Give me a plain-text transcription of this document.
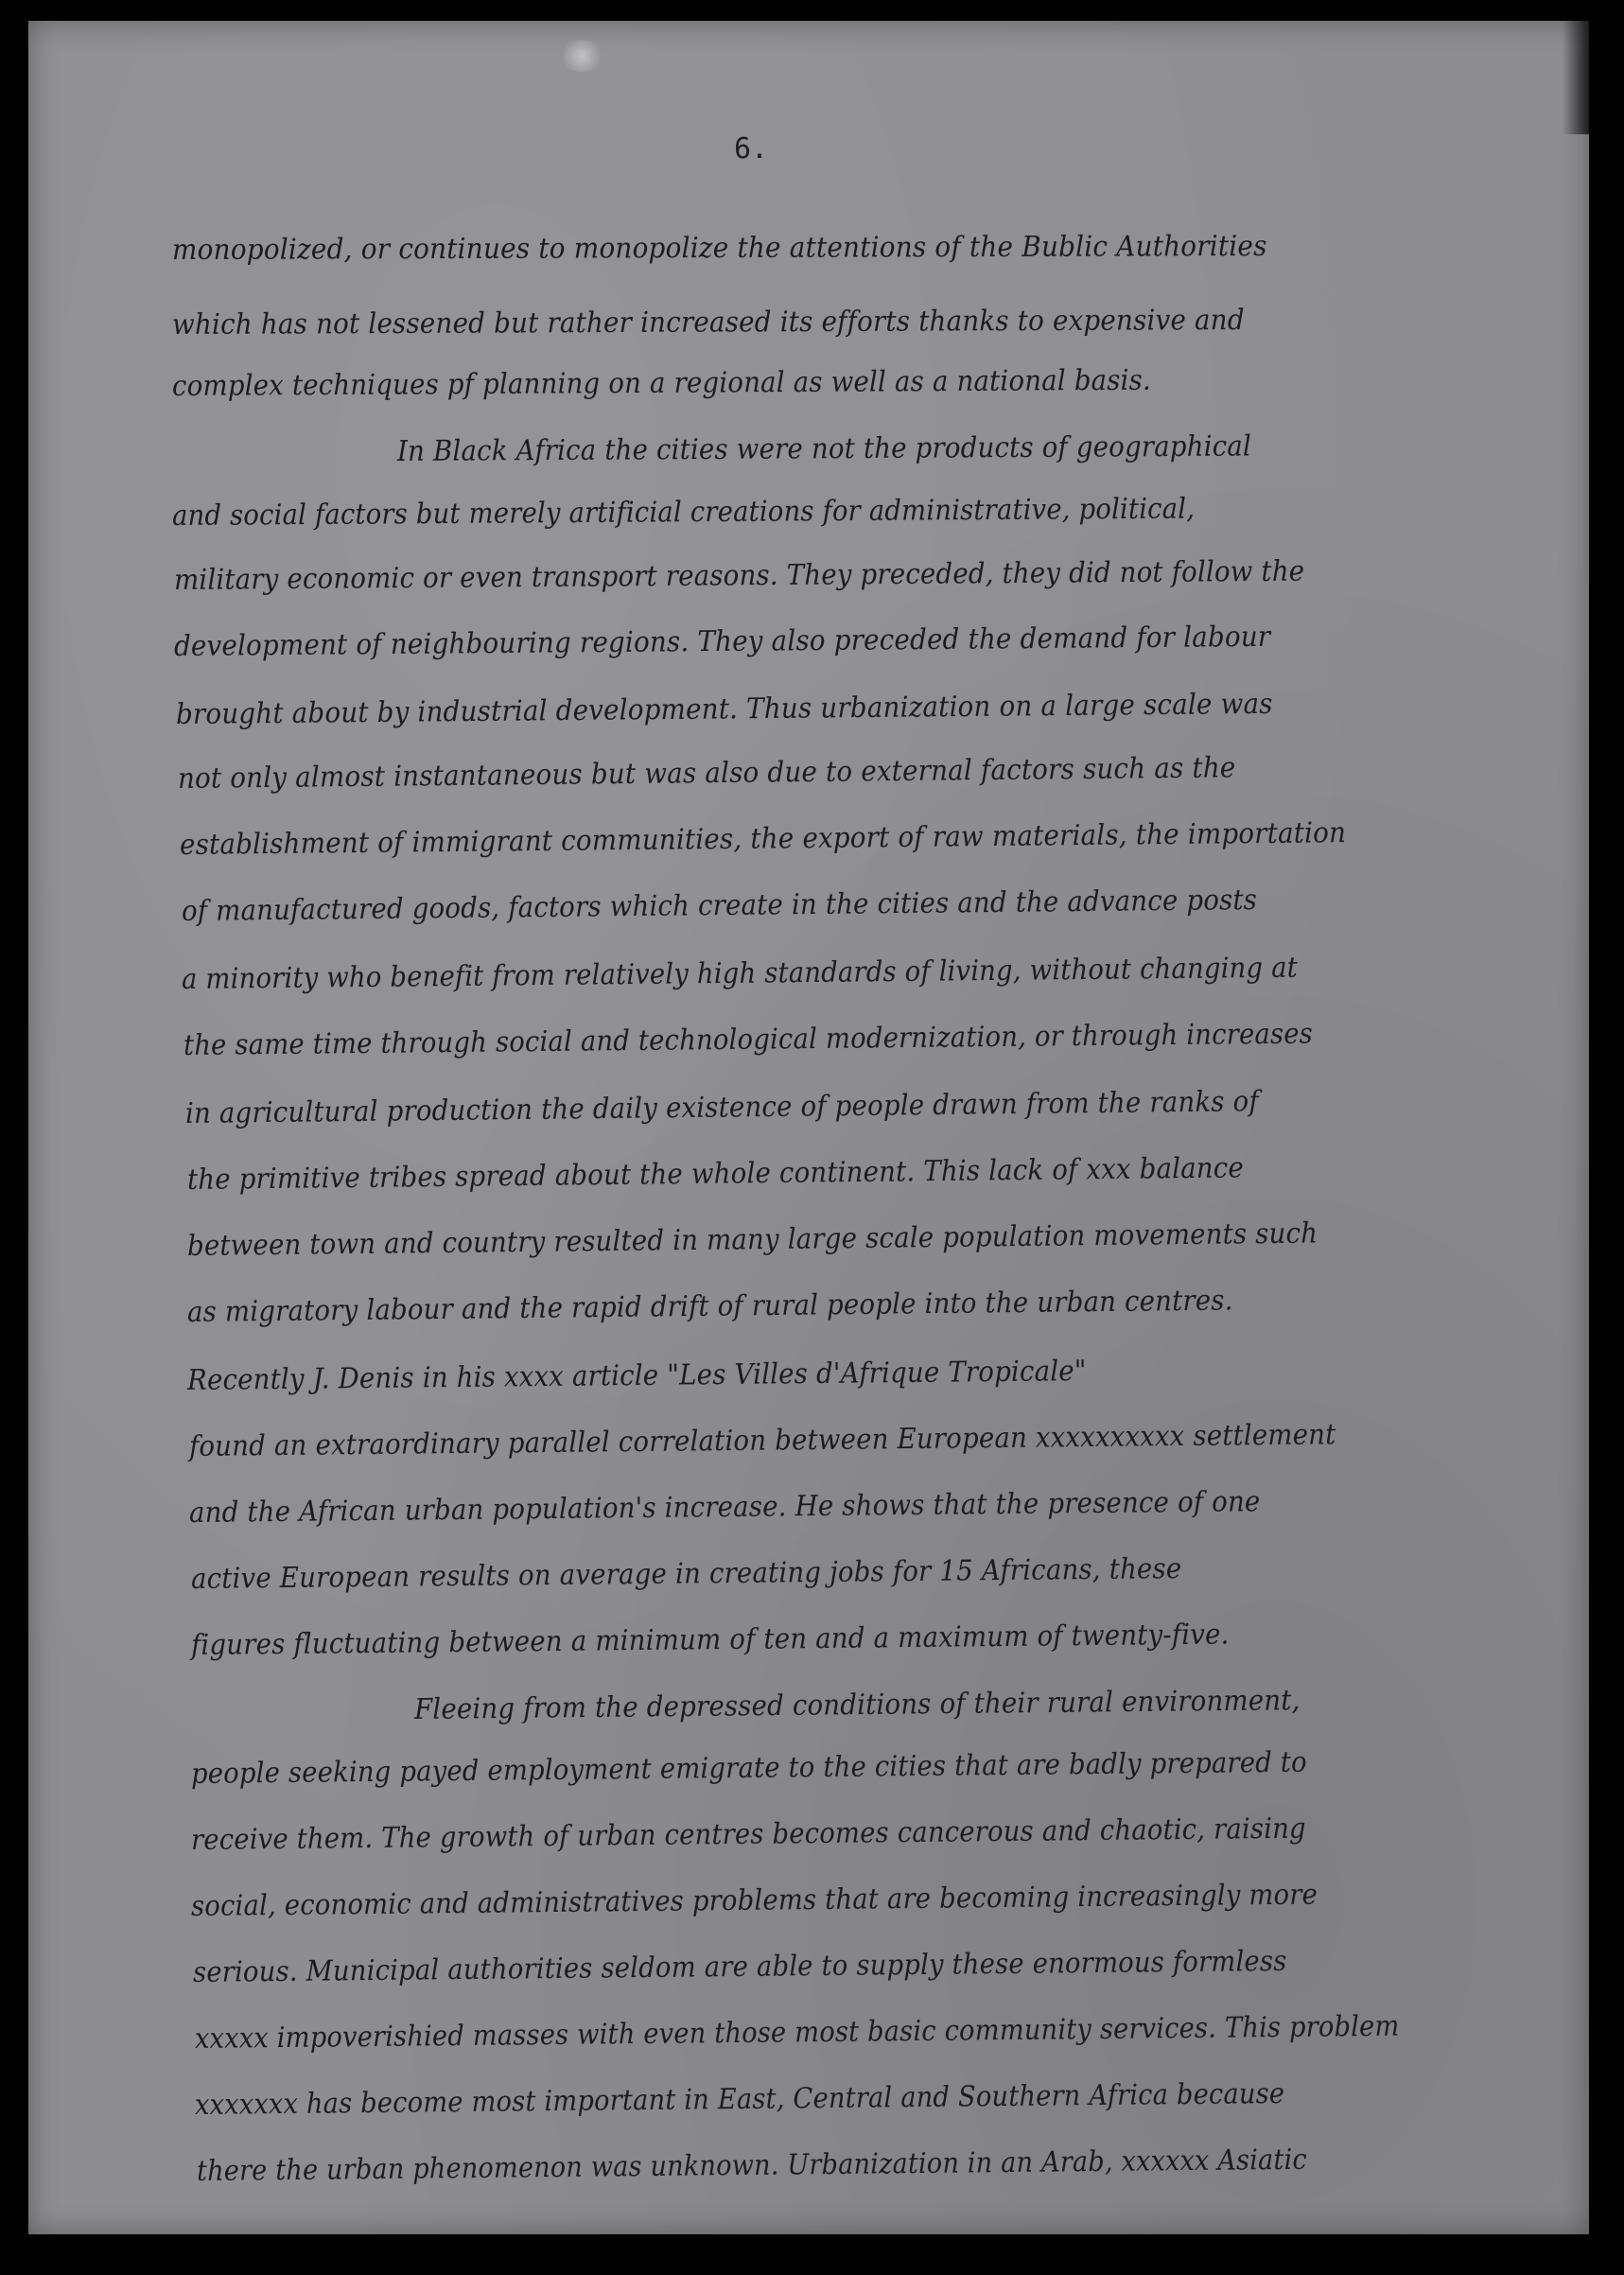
6.
monopolized, or continues to monopolize the attentions of the Bublic Authorities
which has not lessened but rather increased its efforts thanks to expensive and
complex techniques pf planning on a regional as well as a national basis.
In Black Africa the cities were not the products of geographical
and social factors but merely artificial creations for administrative, political,
military economic or even transport reasons. They preceded, they did not follow the
development of neighbouring regions. They also preceded the demand for labour
brought about by industrial development. Thus urbanization on a large scale was
not only almost instantaneous but was also due to external factors such as the
establishment of immigrant communities, the export of raw materials, the importation
of manufactured goods, factors which create in the cities and the advance posts
a minority who benefit from relatively high standards of living, without changing at
the same time through social and technological modernization, or through increases
in agricultural production the daily existence of people drawn from the ranks of
the primitive tribes spread about the whole continent. This lack of xxx balance
between town and country resulted in many large scale population movements such
as migratory labour and the rapid drift of rural people into the urban centres.
Recently J. Denis in his xxxx article "Les Villes d'Afrique Tropicale"
found an extraordinary parallel correlation between European xxxxxxxxxx settlement
and the African urban population's increase. He shows that the presence of one
active European results on average in creating jobs for 15 Africans, these
figures fluctuating between a minimum of ten and a maximum of twenty-five.
Fleeing from the depressed conditions of their rural environment,
people seeking payed employment emigrate to the cities that are badly prepared to
receive them. The growth of urban centres becomes cancerous and chaotic, raising
social, economic and administratives problems that are becoming increasingly more
serious. Municipal authorities seldom are able to supply these enormous formless
xxxxx impoverishied masses with even those most basic community services. This problem
xxxxxxx has become most important in East, Central and Southern Africa because
there the urban phenomenon was unknown. Urbanization in an Arab, xxxxxx Asiatic
